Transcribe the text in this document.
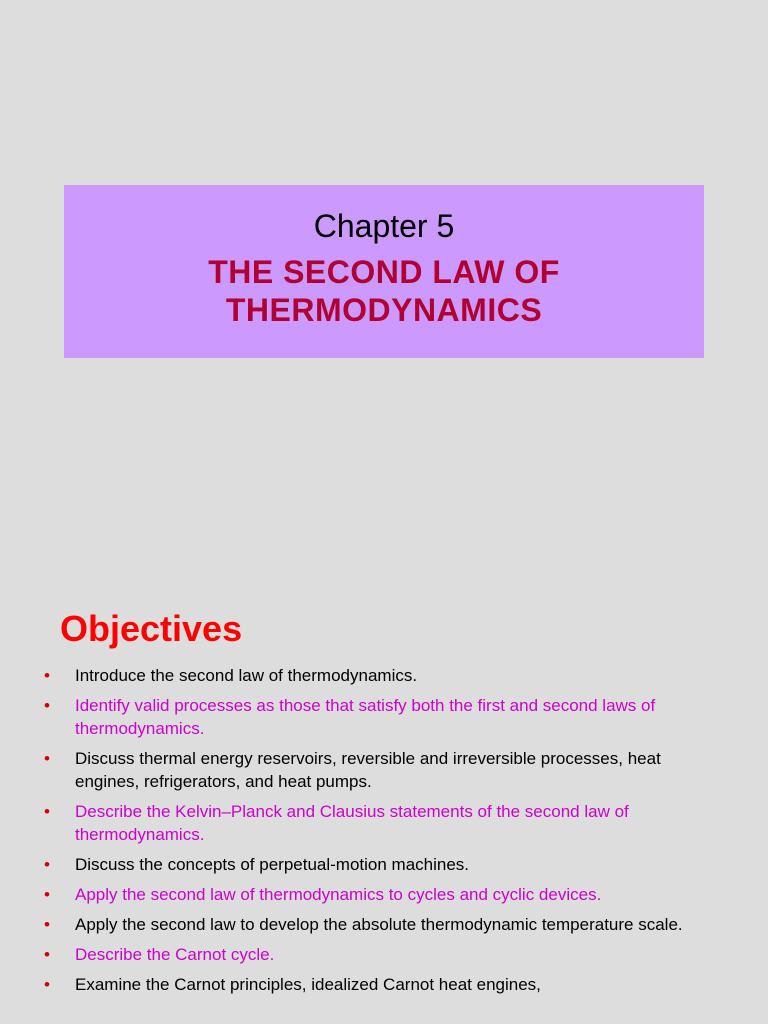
Chapter 5

THE SECOND LAW OF
THERMODYNAMICS

Objectives
• Introduce the second law of thermodynamics.
• Identify valid processes as those that satisfy both the first and second laws of thermodynamics.
• Discuss thermal energy reservoirs, reversible and irreversible processes, heat engines, refrigerators, and heat pumps.
• Describe the Kelvin–Planck and Clausius statements of the second law of thermodynamics.
• Discuss the concepts of perpetual-motion machines.
• Apply the second law of thermodynamics to cycles and cyclic devices.
• Apply the second law to develop the absolute thermodynamic temperature scale.
• Describe the Carnot cycle.
• Examine the Carnot principles, idealized Carnot heat engines,
